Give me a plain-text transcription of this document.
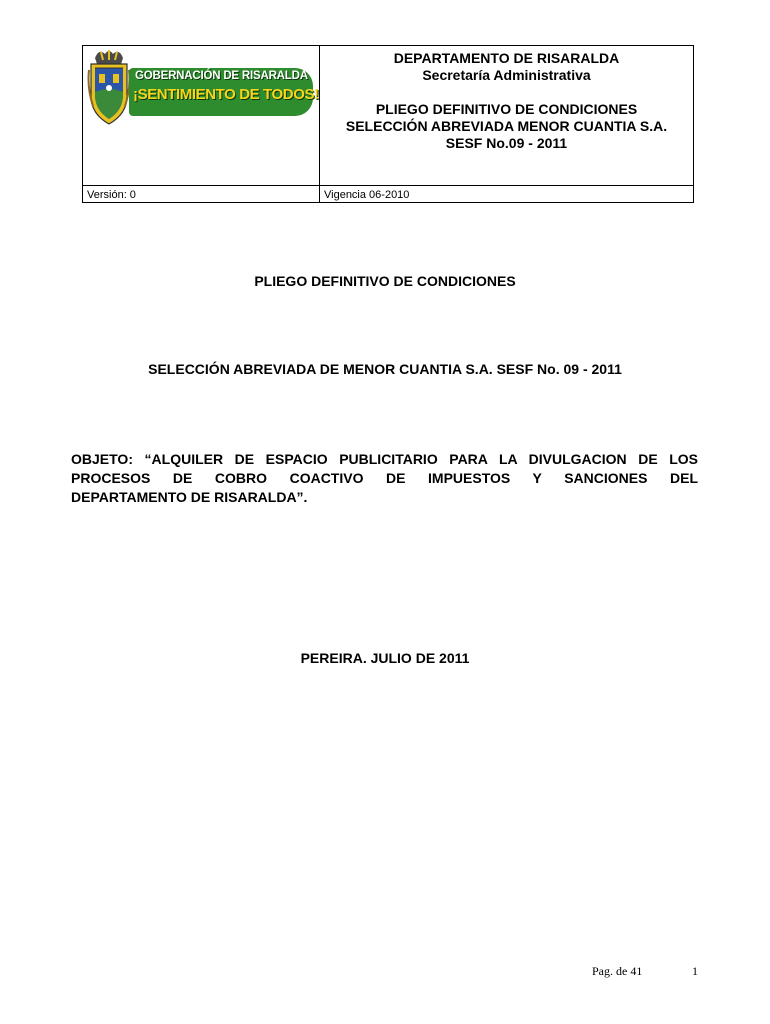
GOBERNACIÓN DE RISARALDA
¡SENTIMIENTO DE TODOS!
DEPARTAMENTO DE RISARALDA
Secretaría Administrativa
PLIEGO DEFINITIVO DE CONDICIONES
SELECCIÓN ABREVIADA MENOR CUANTIA S.A.
SESF No.09 - 2011
Versión: 0	Vigencia 06-2010
PLIEGO DEFINITIVO DE CONDICIONES
SELECCIÓN ABREVIADA DE MENOR CUANTIA S.A. SESF No. 09 - 2011
OBJETO: “ALQUILER DE ESPACIO PUBLICITARIO PARA LA DIVULGACION DE LOS
PROCESOS DE COBRO COACTIVO DE IMPUESTOS Y SANCIONES DEL
DEPARTAMENTO DE RISARALDA”.
PEREIRA. JULIO DE 2011
Pag. de 41	1
